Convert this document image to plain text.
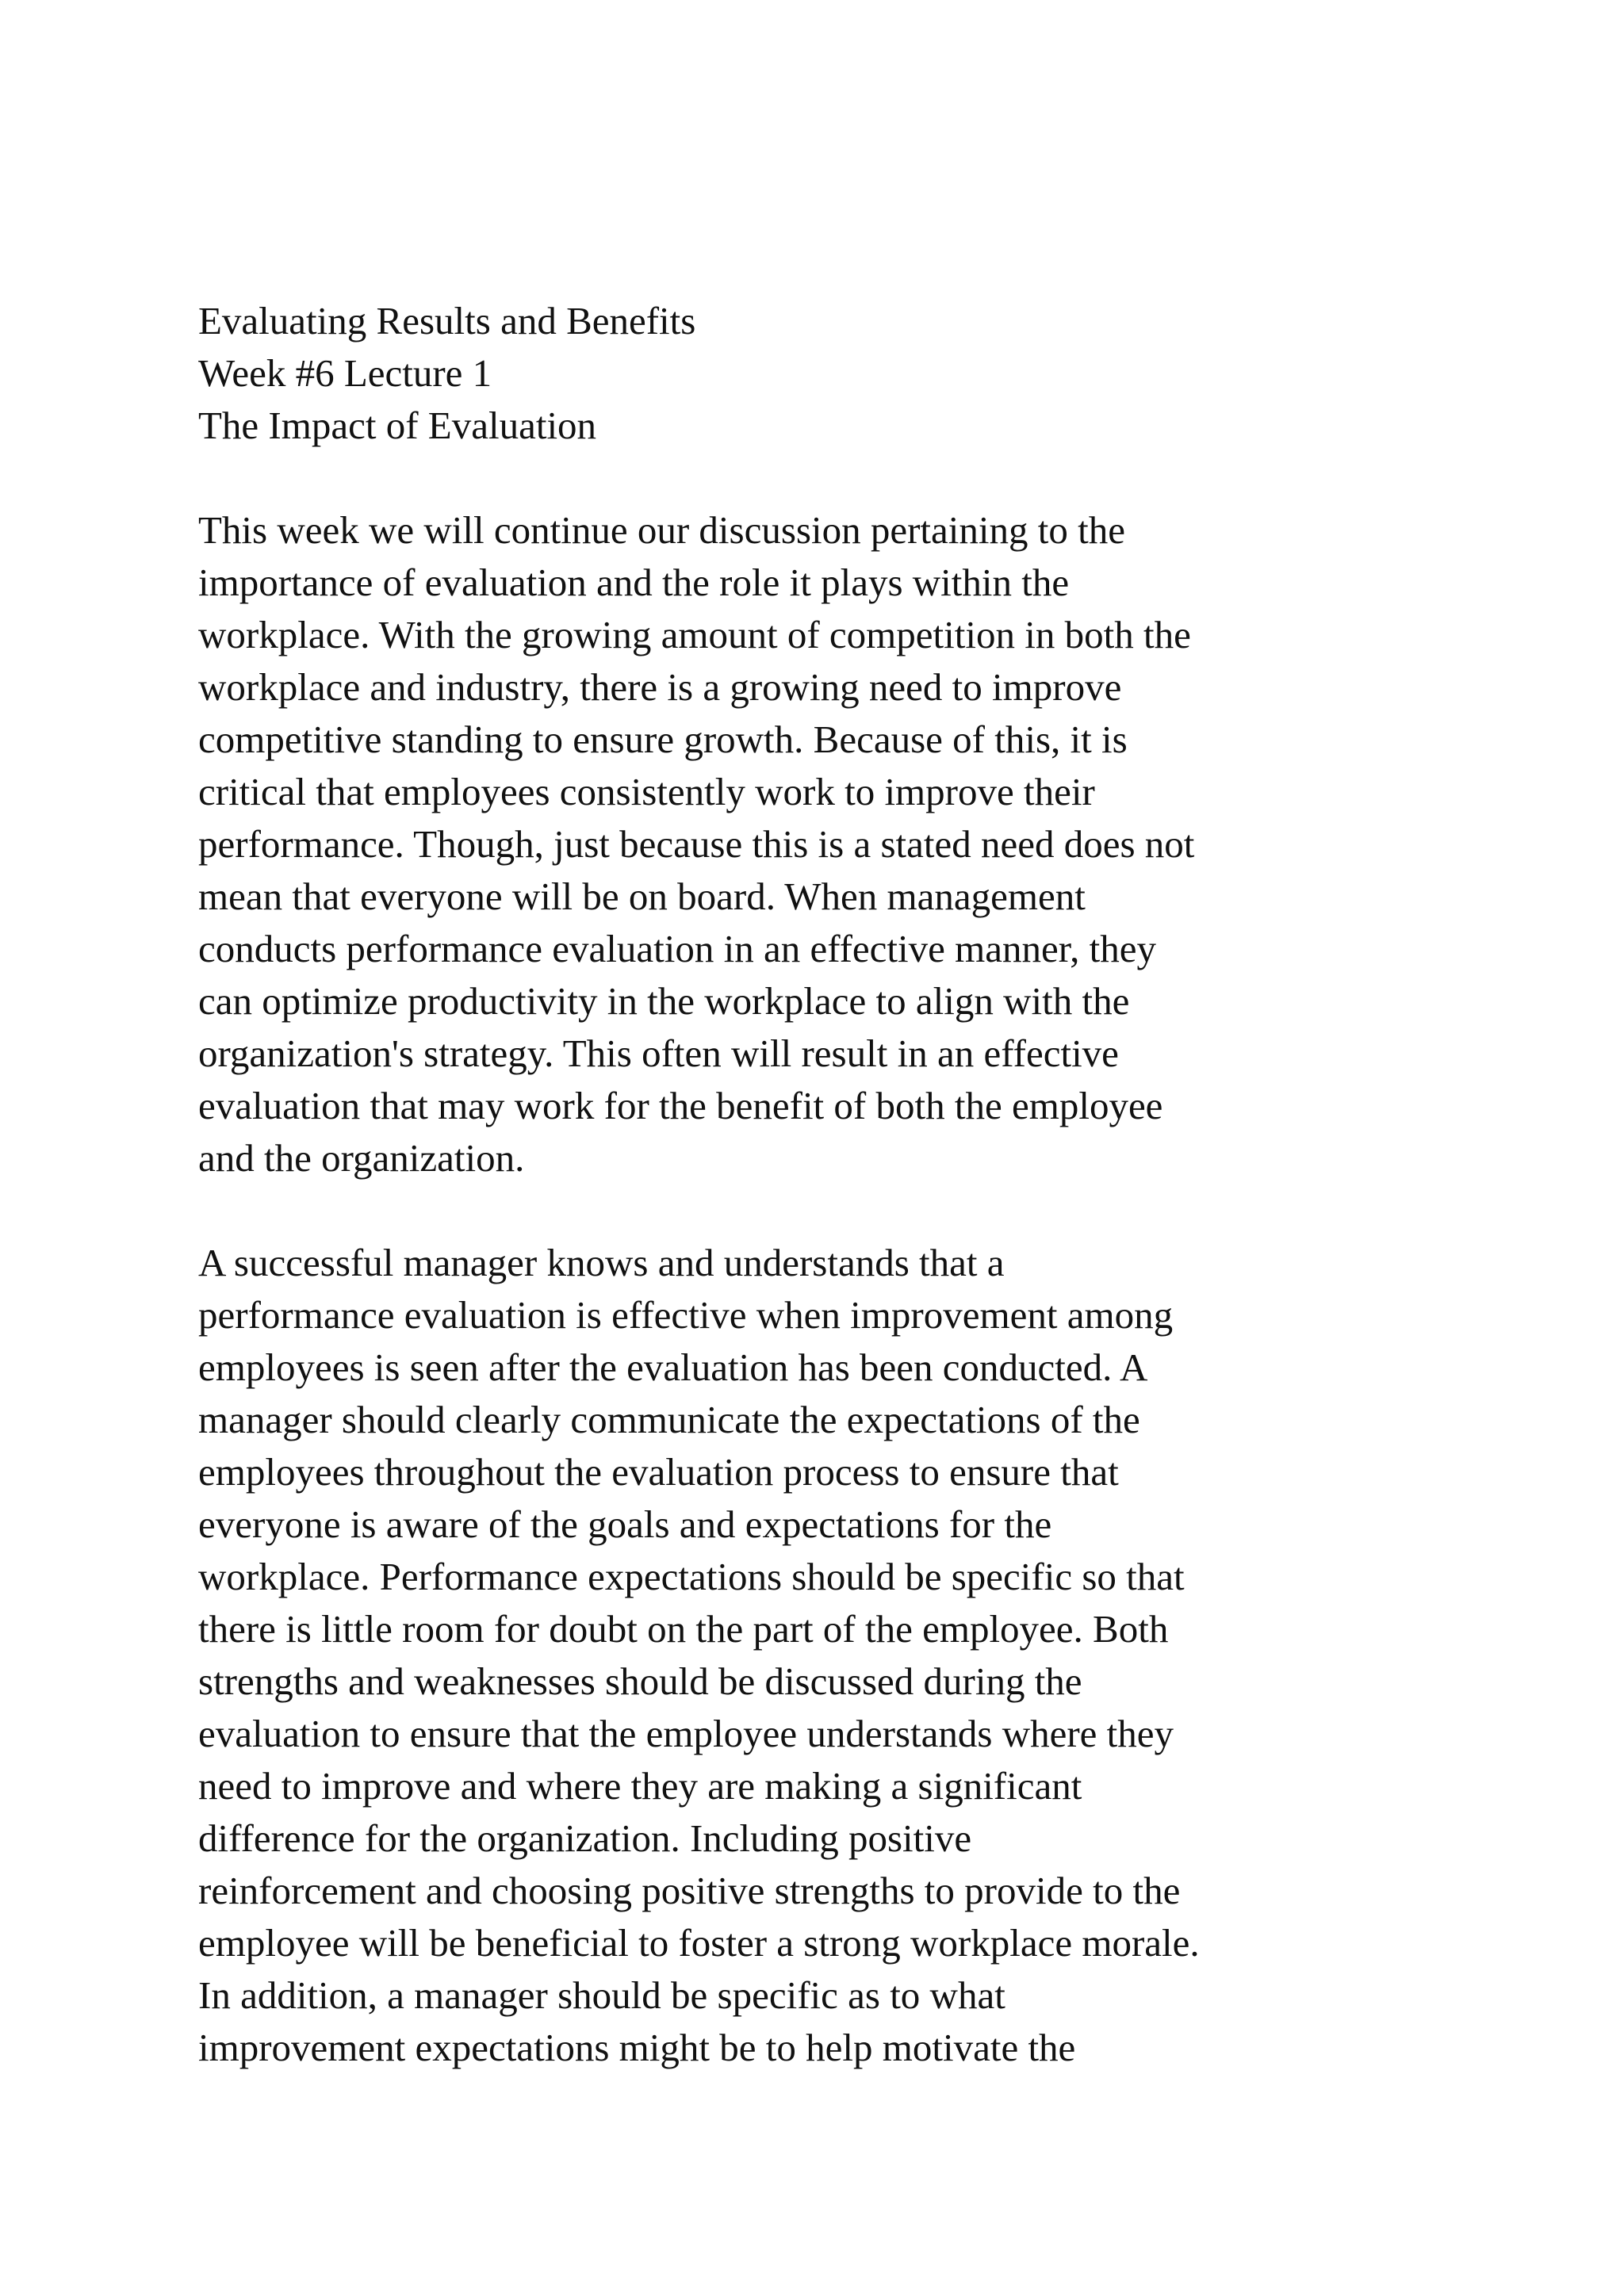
Evaluating Results and Benefits
Week #6 Lecture 1
The Impact of Evaluation
This week we will continue our discussion pertaining to the
importance of evaluation and the role it plays within the
workplace. With the growing amount of competition in both the
workplace and industry, there is a growing need to improve
competitive standing to ensure growth. Because of this, it is
critical that employees consistently work to improve their
performance. Though, just because this is a stated need does not
mean that everyone will be on board. When management
conducts performance evaluation in an effective manner, they
can optimize productivity in the workplace to align with the
organization's strategy. This often will result in an effective
evaluation that may work for the benefit of both the employee
and the organization.
A successful manager knows and understands that a
performance evaluation is effective when improvement among
employees is seen after the evaluation has been conducted. A
manager should clearly communicate the expectations of the
employees throughout the evaluation process to ensure that
everyone is aware of the goals and expectations for the
workplace. Performance expectations should be specific so that
there is little room for doubt on the part of the employee. Both
strengths and weaknesses should be discussed during the
evaluation to ensure that the employee understands where they
need to improve and where they are making a significant
difference for the organization. Including positive
reinforcement and choosing positive strengths to provide to the
employee will be beneficial to foster a strong workplace morale.
In addition, a manager should be specific as to what
improvement expectations might be to help motivate the
